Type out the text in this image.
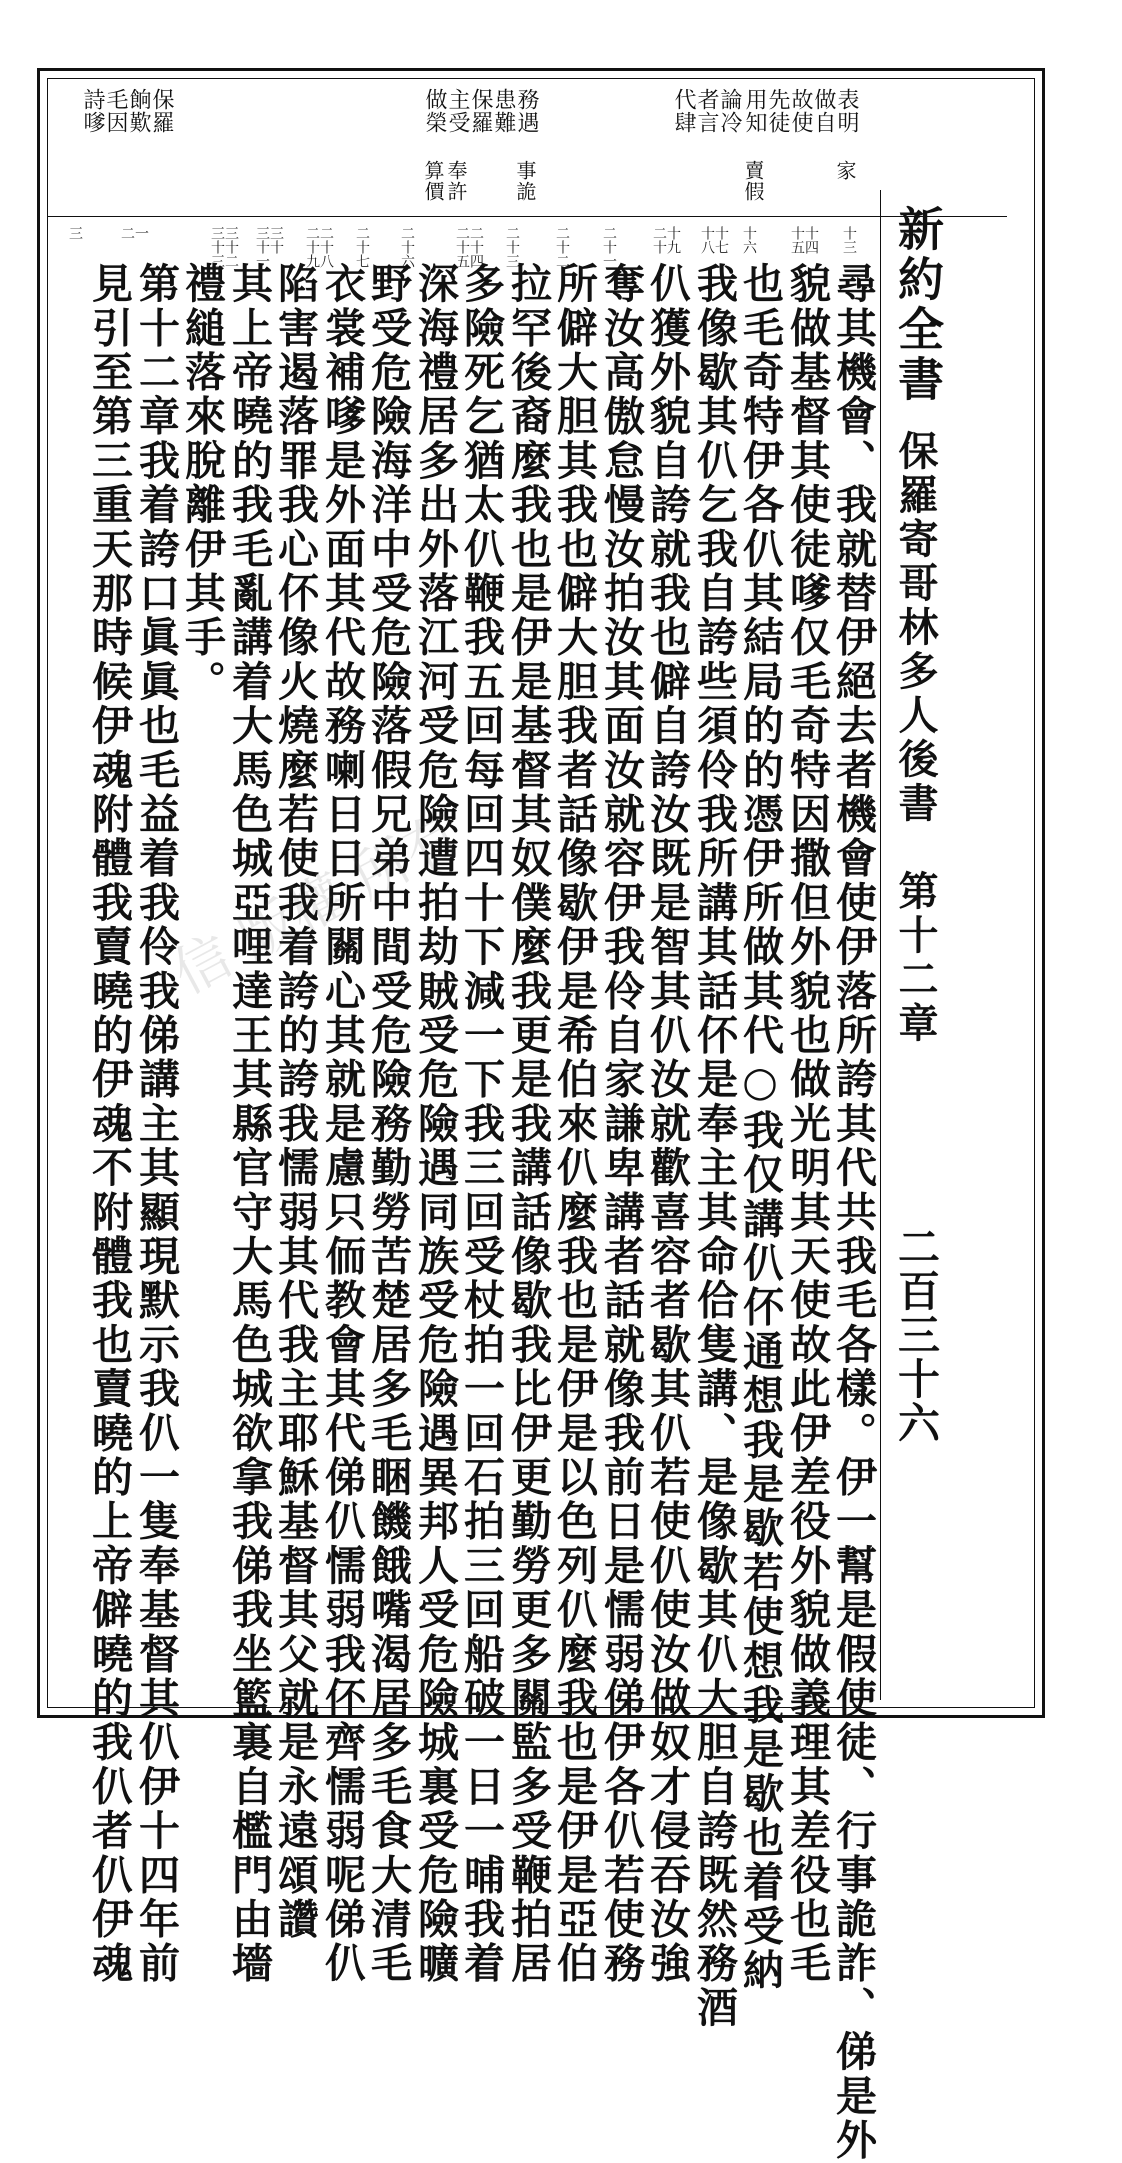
新約全書
保羅寄哥林多人後書　第十二章
二百三十六
表明
做自
故使
先徒
用知
論冷
者言
代肆
務遇
患難
保羅
主受
做榮
保羅
餉歎
毛因
詩嗲
家
賣假
事詭
奉許
算價
十三
十四
十五
十六
十七
十八
十九
二十
二十一
二十二
二十三
二十四
二十五
二十六
二十七
二十八
二十九
三十
三十一
三十二
三十三
一
二
三
尋其機會、我就替伊絕去者機會使伊落所誇其代共我毛各樣。伊一幫是假使徒、行事詭詐、俤是外
貌做基督其使徒嗲仅毛奇特因撒但外貌也做光明其天使故此伊差役外貌做義理其差役也毛
也毛奇特伊各仈其結局的的憑伊所做其代○我仅講仈伓通想我是歇若使想我是歇也着受納
我像歇其仈乞我自誇些須伶我所講其話伓是奉主其命佮隻講、是像歇其仈大胆自誇既然務酒
仈獲外貌自誇就我也僻自誇汝既是智其仈汝就歡喜容者歇其仈若使仈使汝做奴才侵吞汝強
奪汝高傲怠慢汝拍汝其面汝就容伊我伶自家謙卑講者話就像我前日是懦弱俤伊各仈若使務
所僻大胆其我也僻大胆我者話像歇伊是希伯來仈麼我也是伊是以色列仈麼我也是伊是亞伯
拉罕後裔麼我也是伊是基督其奴僕麼我更是我講話像歇我比伊更勤勞更多關監多受鞭拍居
多險死乞猶太仈鞭我五回每回四十下減一下我三回受杖拍一回石拍三回船破一日一晡我着
深海禮居多出外落江河受危險遭拍劫賊受危險遇同族受危險遇異邦人受危險城裏受危險曠
野受危險海洋中受危險落假兄弟中間受危險務勤勞苦楚居多毛睏饑餓嘴渴居多毛食大清毛
衣裳補嗲是外面其代故務喇日日所關心其就是慮只侕教會其代俤仈懦弱我伓齊懦弱呢俤仈
陷害遏落罪我心伓像火燒麼若使我着誇的誇我懦弱其代我主耶穌基督其父就是永遠頌讚
其上帝曉的我毛亂講着大馬色城亞哩達王其縣官守大馬色城欲拿我俤我坐籃裏自檻門由墻
禮縋落來脫離伊其手。
第十二章我着誇口眞眞也毛益着我伶我俤講主其顯現默示我仈一隻奉基督其仈伊十四年前
見引至第三重天那時候伊魂附體我賣曉的伊魂不附體我也賣曉的上帝僻曉的我仈者仈伊魂 信 版權 所有
